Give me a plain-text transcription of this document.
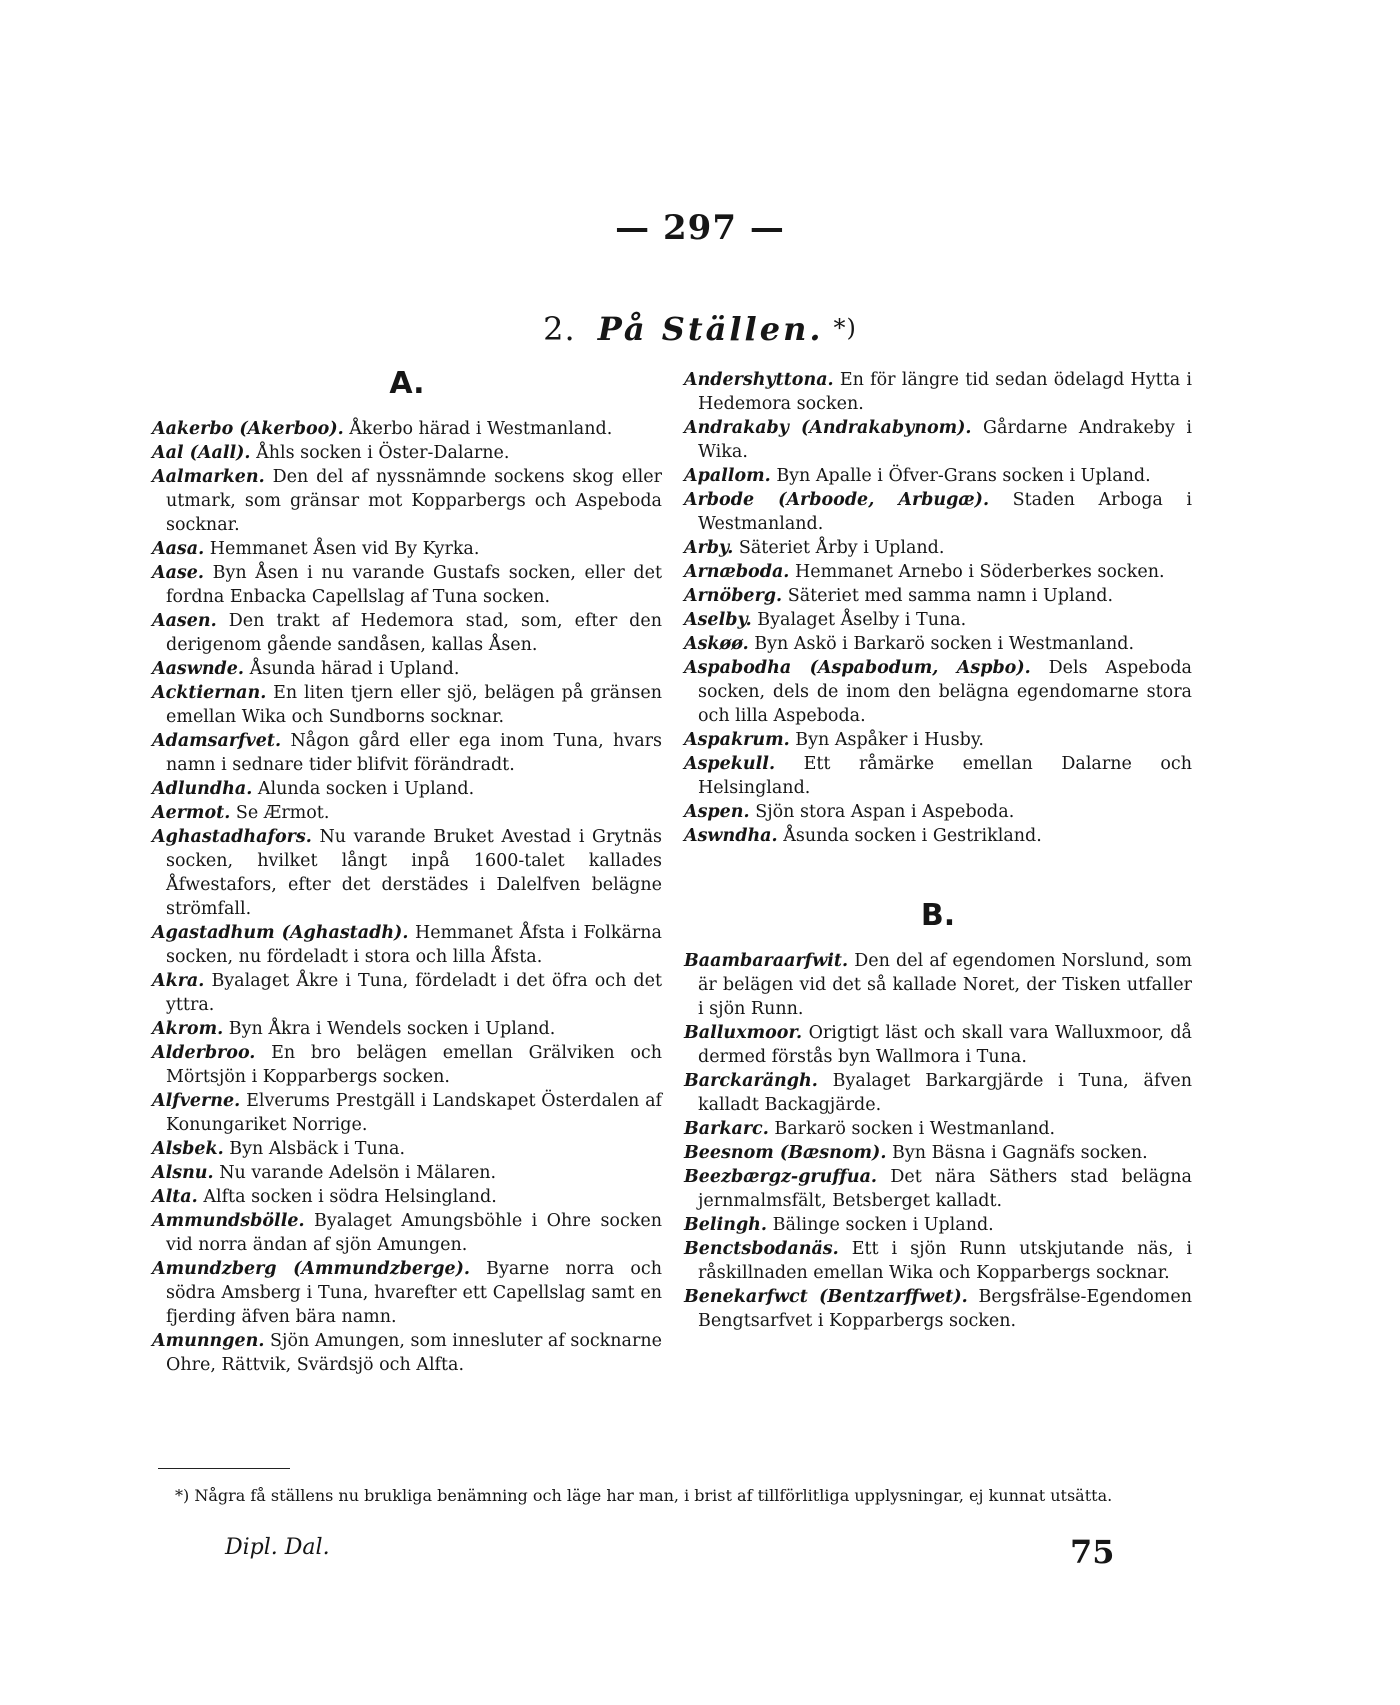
— 297 —
2. På Ställen. *)
A.

Aakerbo (Akerboo). Åkerbo härad i Westmanland.

Aal (Aall). Åhls socken i Öster-Dalarne.

Aalmarken. Den del af nyssnämnde sockens skog eller utmark, som gränsar mot Kopparbergs och Aspeboda socknar.

Aasa. Hemmanet Åsen vid By Kyrka.

Aase. Byn Åsen i nu varande Gustafs socken, eller det fordna Enbacka Capellslag af Tuna socken.

Aasen. Den trakt af Hedemora stad, som, efter den derigenom gående sandåsen, kallas Åsen.

Aaswnde. Åsunda härad i Upland.

Acktiernan. En liten tjern eller sjö, belägen på gränsen emellan Wika och Sundborns socknar.

Adamsarfvet. Någon gård eller ega inom Tuna, hvars namn i sednare tider blifvit förändradt.

Adlundha. Alunda socken i Upland.

Aermot. Se Ærmot.

Aghastadhafors. Nu varande Bruket Avestad i Grytnäs socken, hvilket långt inpå 1600-talet kallades Åfwestafors, efter det derstädes i Dalelfven belägne strömfall.

Agastadhum (Aghastadh). Hemmanet Åfsta i Folkärna socken, nu fördeladt i stora och lilla Åfsta.

Akra. Byalaget Åkre i Tuna, fördeladt i det öfra och det yttra.

Akrom. Byn Åkra i Wendels socken i Upland.

Alderbroo. En bro belägen emellan Grälviken och Mörtsjön i Kopparbergs socken.

Alfverne. Elverums Prestgäll i Landskapet Österdalen af Konungariket Norrige.

Alsbek. Byn Alsbäck i Tuna.

Alsnu. Nu varande Adelsön i Mälaren.

Alta. Alfta socken i södra Helsingland.

Ammundsbölle. Byalaget Amungsböhle i Ohre socken vid norra ändan af sjön Amungen.

Amundzberg (Ammundzberge). Byarne norra och södra Amsberg i Tuna, hvarefter ett Capellslag samt en fjerding äfven bära namn.

Amunngen. Sjön Amungen, som innesluter af socknarne Ohre, Rättvik, Svärdsjö och Alfta.

Andershyttona. En för längre tid sedan ödelagd Hytta i Hedemora socken.

Andrakaby (Andrakabynom). Gårdarne Andrakeby i Wika.

Apallom. Byn Apalle i Öfver-Grans socken i Upland.

Arbode (Arboode, Arbugæ). Staden Arboga i Westmanland.

Arby. Säteriet Årby i Upland.

Arnæboda. Hemmanet Arnebo i Söderberkes socken.

Arnöberg. Säteriet med samma namn i Upland.

Aselby. Byalaget Åselby i Tuna.

Askøø. Byn Askö i Barkarö socken i Westmanland.

Aspabodha (Aspabodum, Aspbo). Dels Aspeboda socken, dels de inom den belägna egendomarne stora och lilla Aspeboda.

Aspakrum. Byn Aspåker i Husby.

Aspekull. Ett råmärke emellan Dalarne och Helsingland.

Aspen. Sjön stora Aspan i Aspeboda.

Aswndha. Åsunda socken i Gestrikland.

B.

Baambaraarfwit. Den del af egendomen Norslund, som är belägen vid det så kallade Noret, der Tisken utfaller i sjön Runn.

Balluxmoor. Origtigt läst och skall vara Walluxmoor, då dermed förstås byn Wallmora i Tuna.

Barckarängh. Byalaget Barkargjärde i Tuna, äfven kalladt Backagjärde.

Barkarc. Barkarö socken i Westmanland.

Beesnom (Bæsnom). Byn Bäsna i Gagnäfs socken.

Beezbærgz-gruffua. Det nära Säthers stad belägna jernmalmsfält, Betsberget kalladt.

Belingh. Bälinge socken i Upland.

Benctsbodanäs. Ett i sjön Runn utskjutande näs, i råskillnaden emellan Wika och Kopparbergs socknar.

Benekarfwct (Bentzarffwet). Bergsfrälse-Egendomen Bengtsarfvet i Kopparbergs socken.

*) Några få ställens nu brukliga benämning och läge har man, i brist af tillförlitliga upplysningar, ej kunnat utsätta.
Dipl. Dal.	75
